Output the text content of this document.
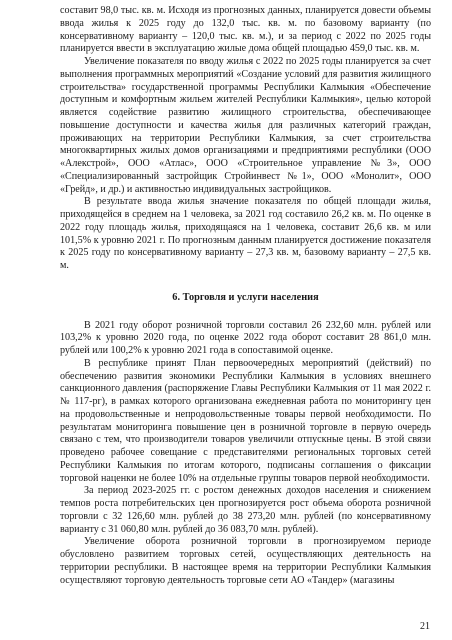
составит 98,0 тыс. кв. м. Исходя из прогнозных данных, планируется довести объемы ввода жилья к 2025 году до 132,0 тыс. кв. м. по базовому варианту (по консервативному варианту – 120,0 тыс. кв. м.), и за период с 2022 по 2025 годы планируется ввести в эксплуатацию жилые дома общей площадью 459,0 тыс. кв. м.

Увеличение показателя по вводу жилья с 2022 по 2025 годы планируется за счет выполнения программных мероприятий «Создание условий для развития жилищного строительства» государственной программы Республики Калмыкия «Обеспечение доступным и комфортным жильем жителей Республики Калмыкия», целью которой является содействие развитию жилищного строительства, обеспечивающее повышение доступности и качества жилья для различных категорий граждан, проживающих на территории Республики Калмыкия, за счет строительства многоквартирных жилых домов организациями и предприятиями республики (ООО «Алекстрой», ООО «Атлас», ООО «Строительное управление №3», ООО «Специализированный застройщик Стройинвест №1», ООО «Монолит», ООО «Грейд», и др.) и активностью индивидуальных застройщиков.

В результате ввода жилья значение показателя по общей площади жилья, приходящейся в среднем на 1 человека, за 2021 год составило 26,2 кв. м. По оценке в 2022 году площадь жилья, приходящаяся на 1 человека, составит 26,6 кв. м или 101,5% к уровню 2021 г. По прогнозным данным планируется достижение показателя к 2025 году по консервативному варианту – 27,3 кв. м, базовому варианту – 27,5 кв. м.

6. Торговля и услуги населения

В 2021 году оборот розничной торговли составил 26 232,60 млн. рублей или 103,2% к уровню 2020 года, по оценке 2022 года оборот составит 28 861,0 млн. рублей или 100,2% к уровню 2021 года в сопоставимой оценке.

В республике принят План первоочередных мероприятий (действий) по обеспечению развития экономики Республики Калмыкия в условиях внешнего санкционного давления (распоряжение Главы Республики Калмыкия от 11 мая 2022 г. № 117-рг), в рамках которого организована ежедневная работа по мониторингу цен на продовольственные и непродовольственные товары первой необходимости. По результатам мониторинга повышение цен в розничной торговле в первую очередь связано с тем, что производители товаров увеличили отпускные цены. В этой связи проведено рабочее совещание с представителями региональных торговых сетей Республики Калмыкия по итогам которого, подписаны соглашения о фиксации торговой наценки не более 10% на отдельные группы товаров первой необходимости.

За период 2023-2025 гг. с ростом денежных доходов населения и снижением темпов роста потребительских цен прогнозируется рост объема оборота розничной торговли с 32 126,60 млн. рублей до 38 273,20 млн. рублей (по консервативному варианту с 31 060,80 млн. рублей до 36 083,70 млн. рублей).

Увеличение оборота розничной торговли в прогнозируемом периоде обусловлено развитием торговых сетей, осуществляющих деятельность на территории республики. В настоящее время на территории Республики Калмыкия осуществляют торговую деятельность торговые сети АО «Тандер» (магазины

21
